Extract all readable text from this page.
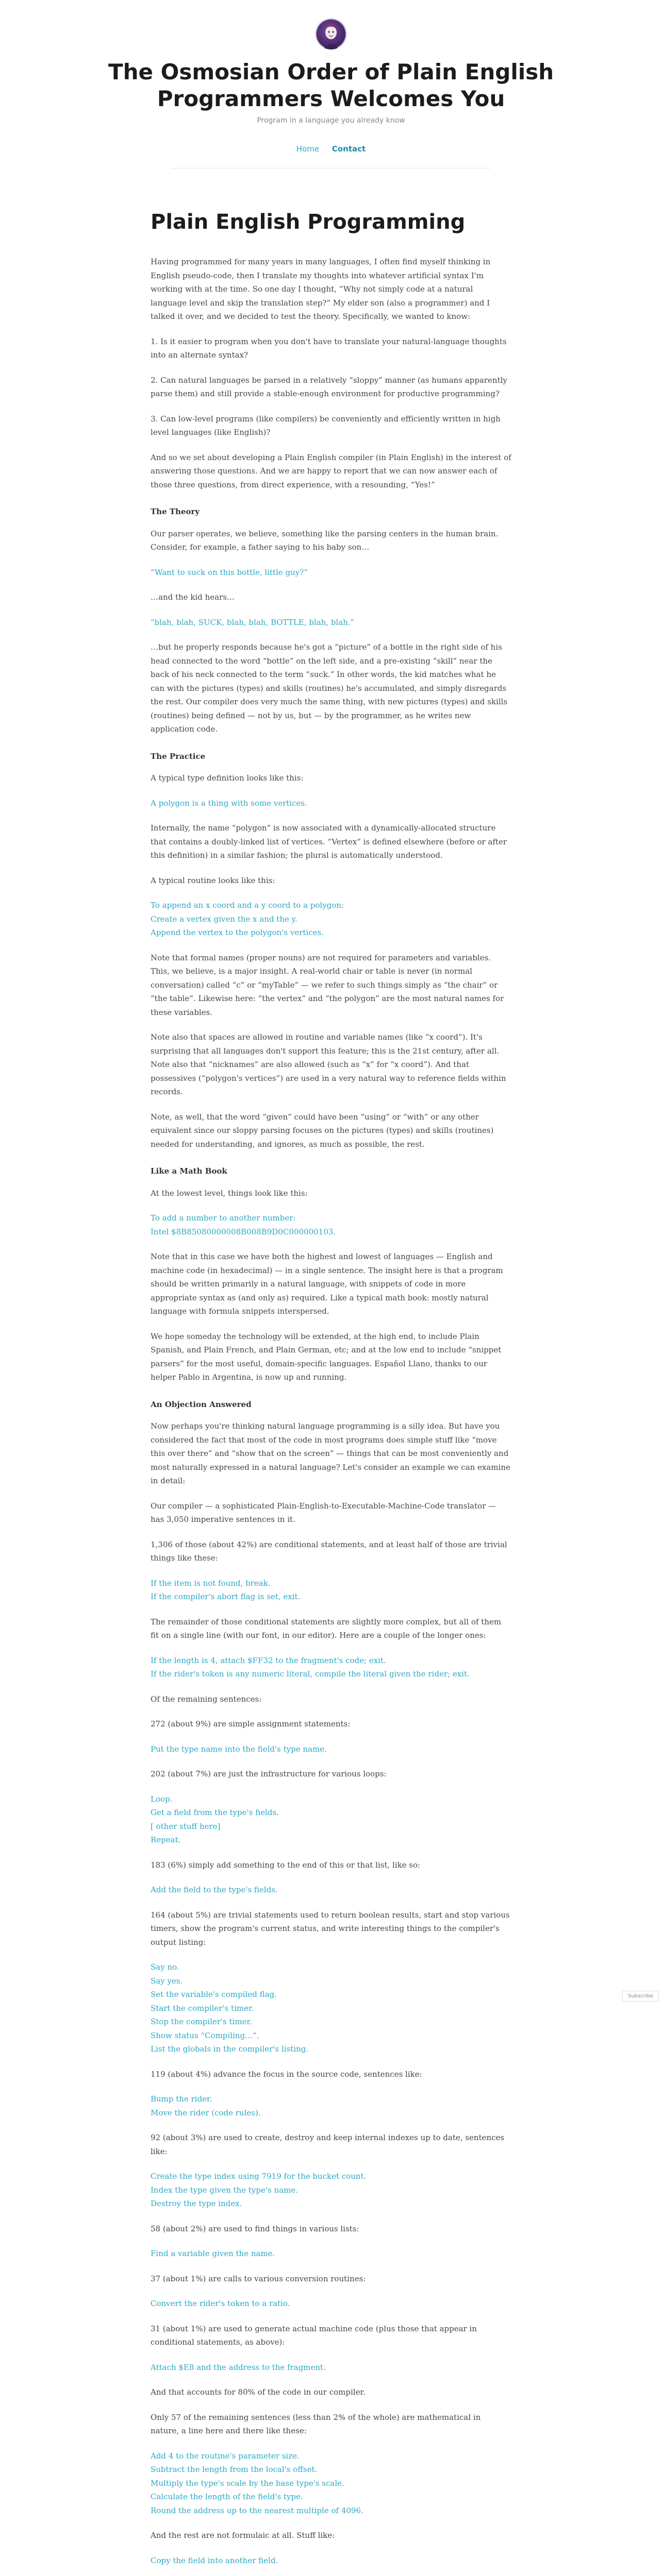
The Osmosian Order of Plain English Programmers Welcomes You
Program in a language you already know
Home Contact
Plain English Programming

Having programmed for many years in many languages, I often find myself thinking in English pseudo-code, then I translate my thoughts into whatever artificial syntax I'm working with at the time. So one day I thought, “Why not simply code at a natural language level and skip the translation step?” My elder son (also a programmer) and I talked it over, and we decided to test the theory. Specifically, we wanted to know:

1. Is it easier to program when you don't have to translate your natural-language thoughts into an alternate syntax?

2. Can natural languages be parsed in a relatively “sloppy” manner (as humans apparently parse them) and still provide a stable-enough environment for productive programming?

3. Can low-level programs (like compilers) be conveniently and efficiently written in high level languages (like English)?

And so we set about developing a Plain English compiler (in Plain English) in the interest of answering those questions. And we are happy to report that we can now answer each of those three questions, from direct experience, with a resounding, “Yes!”

The Theory

Our parser operates, we believe, something like the parsing centers in the human brain. Consider, for example, a father saying to his baby son…

“Want to suck on this bottle, little guy?”

…and the kid hears…

“blah, blah, SUCK, blah, blah, BOTTLE, blah, blah.”

…but he properly responds because he's got a “picture” of a bottle in the right side of his head connected to the word “bottle” on the left side, and a pre-existing “skill” near the back of his neck connected to the term “suck.” In other words, the kid matches what he can with the pictures (types) and skills (routines) he's accumulated, and simply disregards the rest. Our compiler does very much the same thing, with new pictures (types) and skills (routines) being defined — not by us, but — by the programmer, as he writes new application code.

The Practice

A typical type definition looks like this:

A polygon is a thing with some vertices.

Internally, the name “polygon” is now associated with a dynamically-allocated structure that contains a doubly-linked list of vertices. “Vertex” is defined elsewhere (before or after this definition) in a similar fashion; the plural is automatically understood.

A typical routine looks like this:

To append an x coord and a y coord to a polygon:
Create a vertex given the x and the y.
Append the vertex to the polygon's vertices.

Note that formal names (proper nouns) are not required for parameters and variables. This, we believe, is a major insight. A real-world chair or table is never (in normal conversation) called “c” or “myTable” — we refer to such things simply as “the chair” or “the table”. Likewise here: “the vertex” and “the polygon” are the most natural names for these variables.

Note also that spaces are allowed in routine and variable names (like “x coord”). It's surprising that all languages don't support this feature; this is the 21st century, after all. Note also that “nicknames” are also allowed (such as “x” for “x coord”). And that possessives (“polygon's vertices”) are used in a very natural way to reference fields within records.

Note, as well, that the word “given” could have been “using” or “with” or any other equivalent since our sloppy parsing focuses on the pictures (types) and skills (routines) needed for understanding, and ignores, as much as possible, the rest.

Like a Math Book

At the lowest level, things look like this:

To add a number to another number:
Intel $8B85080000008B008B9D0C000000103.

Note that in this case we have both the highest and lowest of languages — English and machine code (in hexadecimal) — in a single sentence. The insight here is that a program should be written primarily in a natural language, with snippets of code in more appropriate syntax as (and only as) required. Like a typical math book: mostly natural language with formula snippets interspersed.

We hope someday the technology will be extended, at the high end, to include Plain Spanish, and Plain French, and Plain German, etc; and at the low end to include “snippet parsers” for the most useful, domain-specific languages. Español Llano, thanks to our helper Pablo in Argentina, is now up and running.

An Objection Answered

Now perhaps you're thinking natural language programming is a silly idea. But have you considered the fact that most of the code in most programs does simple stuff like “move this over there” and “show that on the screen” — things that can be most conveniently and most naturally expressed in a natural language? Let's consider an example we can examine in detail:

Our compiler — a sophisticated Plain-English-to-Executable-Machine-Code translator — has 3,050 imperative sentences in it.

1,306 of those (about 42%) are conditional statements, and at least half of those are trivial things like these:

If the item is not found, break.
If the compiler's abort flag is set, exit.

The remainder of those conditional statements are slightly more complex, but all of them fit on a single line (with our font, in our editor). Here are a couple of the longer ones:

If the length is 4, attach $FF32 to the fragment's code; exit.
If the rider's token is any numeric literal, compile the literal given the rider; exit.

Of the remaining sentences:

272 (about 9%) are simple assignment statements:

Put the type name into the field's type name.

202 (about 7%) are just the infrastructure for various loops:

Loop.
Get a field from the type's fields.
[ other stuff here]
Repeat.

183 (6%) simply add something to the end of this or that list, like so:

Add the field to the type's fields.

164 (about 5%) are trivial statements used to return boolean results, start and stop various timers, show the program's current status, and write interesting things to the compiler's output listing:

Say no.
Say yes.
Set the variable's compiled flag.
Start the compiler's timer.
Stop the compiler's timer.
Show status “Compiling…”.
List the globals in the compiler's listing.

119 (about 4%) advance the focus in the source code, sentences like:

Bump the rider.
Move the rider (code rules).

92 (about 3%) are used to create, destroy and keep internal indexes up to date, sentences like:

Create the type index using 7919 for the bucket count.
Index the type given the type's name.
Destroy the type index.

58 (about 2%) are used to find things in various lists:

Find a variable given the name.

37 (about 1%) are calls to various conversion routines:

Convert the rider's token to a ratio.

31 (about 1%) are used to generate actual machine code (plus those that appear in conditional statements, as above):

Attach $E8 and the address to the fragment.

And that accounts for 80% of the code in our compiler.

Only 57 of the remaining sentences (less than 2% of the whole) are mathematical in nature, a line here and there like these:

Add 4 to the routine's parameter size.
Subtract the length from the local's offset.
Multiply the type's scale by the base type's scale.
Calculate the length of the field's type.
Round the address up to the nearest multiple of 4096.

And the rest are not formulaic at all. Stuff like:

Copy the field into another field.

Subscribe
